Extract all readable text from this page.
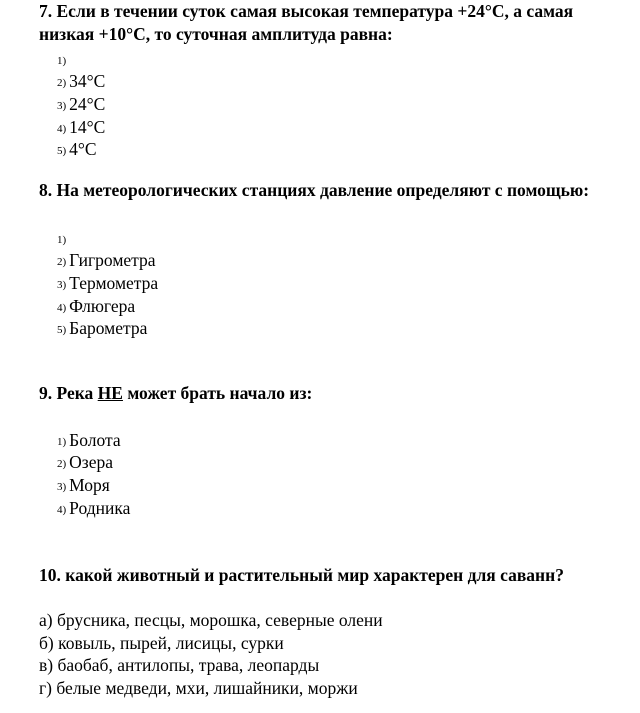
7. Если в течении суток самая высокая температура +24°C, а самая низкая +10°C, то суточная амплитуда равна:
1)
2) 34°C
3) 24°C
4) 14°C
5) 4°C
8. На метеорологических станциях давление определяют с помощью:
1)
2) Гигрометра
3) Термометра
4) Флюгера
5) Барометра
9. Река НЕ может брать начало из:
1) Болота
2) Озера
3) Моря
4) Родника
10. какой животный и растительный мир характерен для саванн?
а) брусника, песцы, морошка, северные олени
б) ковыль, пырей, лисицы, сурки
в) баобаб, антилопы, трава, леопарды
г) белые медведи, мхи, лишайники, моржи
